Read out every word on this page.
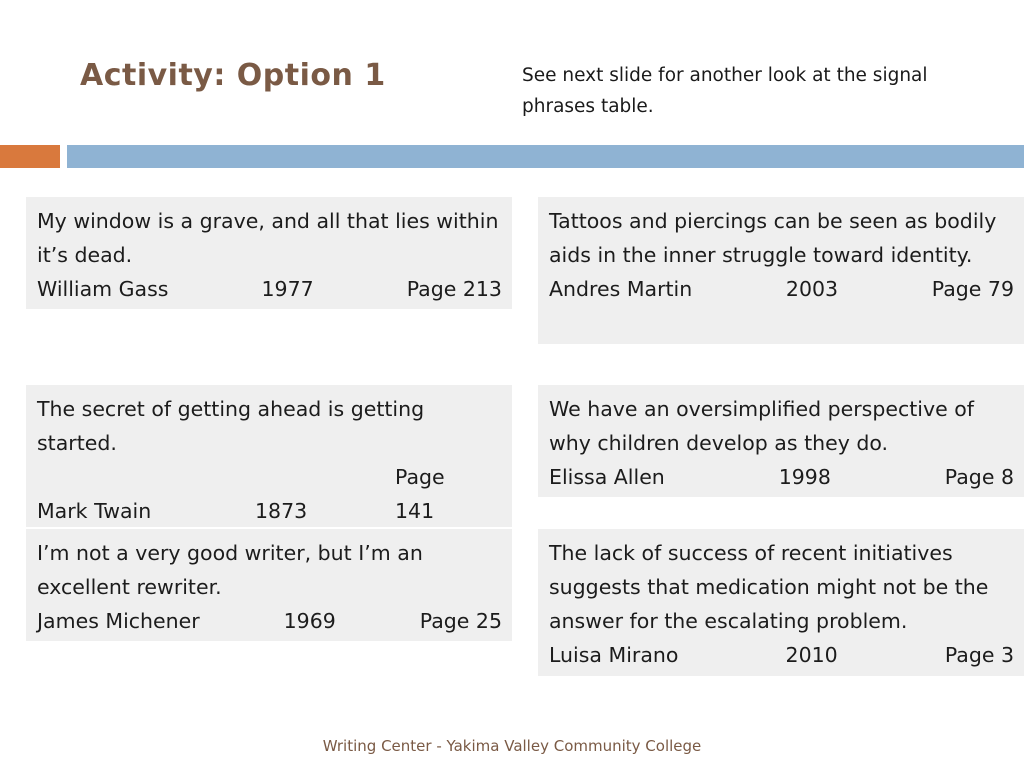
Activity: Option 1	See next slide for another look at the signal phrases table.
My window is a grave, and all that lies within it’s dead.
William Gass	1977	Page 213
Tattoos and piercings can be seen as bodily aids in the inner struggle toward identity.
Andres Martin	2003	Page 79
The secret of getting ahead is getting started.
Mark Twain	1873Page 141
We have an oversimplified perspective of why children develop as they do.
Elissa Allen	1998	Page 8
I’m not a very good writer, but I’m an excellent rewriter.
James Michener	1969	Page 25
The lack of success of recent initiatives suggests that medication might not be the answer for the escalating problem.
Luisa Mirano	2010	Page 3
Writing Center - Yakima Valley Community College
